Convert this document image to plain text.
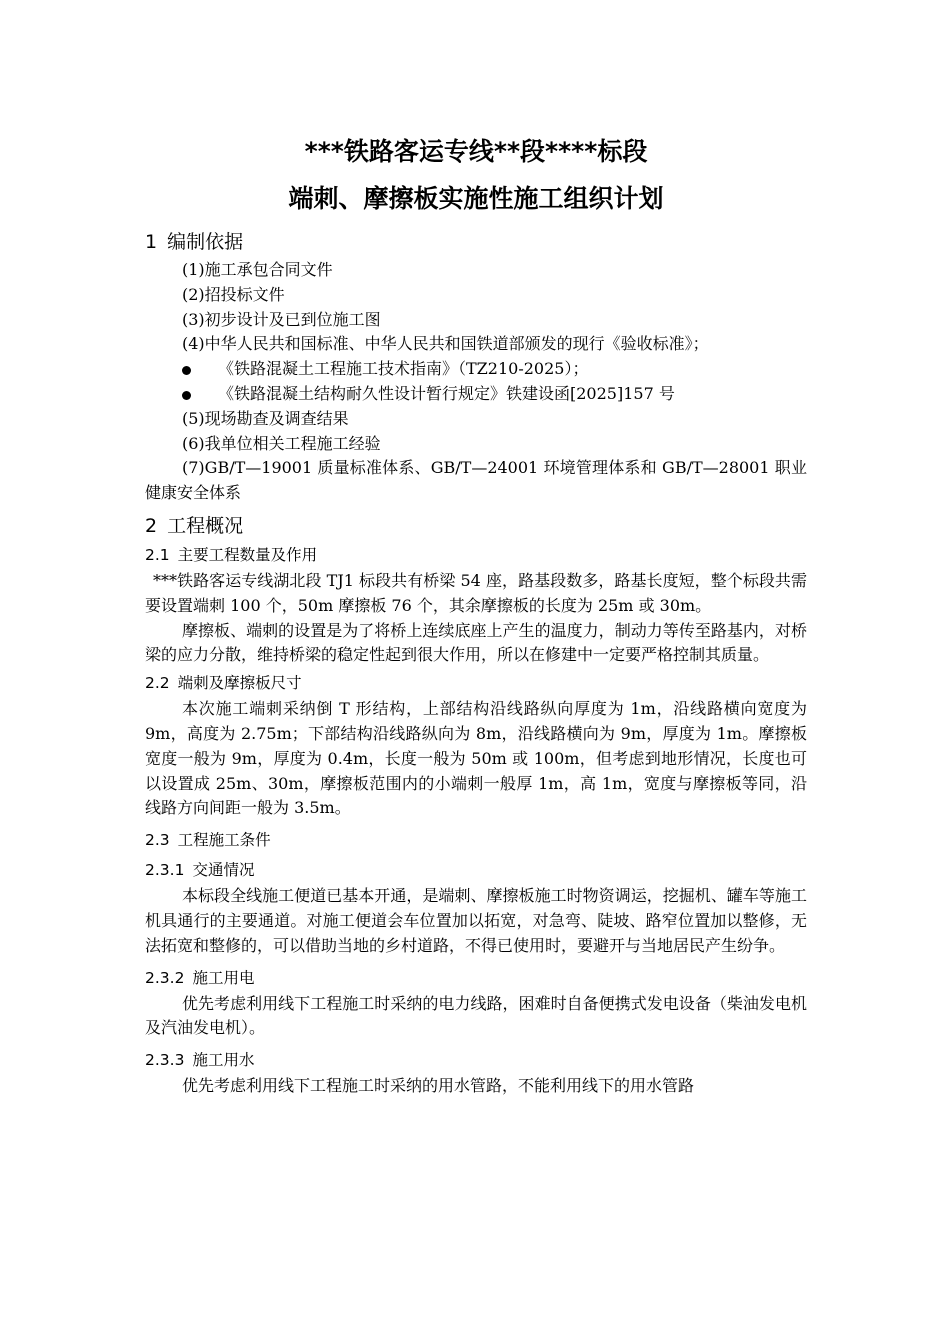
***铁路客运专线**段****标段
端刺、摩擦板实施性施工组织计划
1 编制依据

(1)施工承包合同文件

(2)招投标文件

(3)初步设计及已到位施工图

(4)中华人民共和国标准、中华人民共和国铁道部颁发的现行《验收标准》；

《铁路混凝土工程施工技术指南》（TZ210-2025）；

《铁路混凝土结构耐久性设计暂行规定》铁建设函[2025]157 号

(5)现场勘查及调查结果

(6)我单位相关工程施工经验

(7)GB/T—19001 质量标准体系、GB/T—24001 环境管理体系和 GB/T—28001 职业健康安全体系

2 工程概况
2.1 主要工程数量及作用

***铁路客运专线湖北段 TJ1 标段共有桥梁 54 座，路基段数多，路基长度短，整个标段共需要设置端刺 100 个，50m 摩擦板 76 个，其余摩擦板的长度为 25m 或 30m。

摩擦板、端刺的设置是为了将桥上连续底座上产生的温度力，制动力等传至路基内，对桥梁的应力分散，维持桥梁的稳定性起到很大作用，所以在修建中一定要严格控制其质量。

2.2 端刺及摩擦板尺寸

本次施工端刺采纳倒 T 形结构，上部结构沿线路纵向厚度为 1m，沿线路横向宽度为 9m，高度为 2.75m；下部结构沿线路纵向为 8m，沿线路横向为 9m，厚度为 1m。摩擦板宽度一般为 9m，厚度为 0.4m，长度一般为 50m 或 100m，但考虑到地形情况，长度也可以设置成 25m、30m，摩擦板范围内的小端刺一般厚 1m，高 1m，宽度与摩擦板等同，沿线路方向间距一般为 3.5m。

2.3 工程施工条件
2.3.1 交通情况

本标段全线施工便道已基本开通，是端刺、摩擦板施工时物资调运，挖掘机、罐车等施工机具通行的主要通道。对施工便道会车位置加以拓宽，对急弯、陡坡、路窄位置加以整修，无法拓宽和整修的，可以借助当地的乡村道路，不得已使用时，要避开与当地居民产生纷争。

2.3.2 施工用电

优先考虑利用线下工程施工时采纳的电力线路，困难时自备便携式发电设备（柴油发电机及汽油发电机）。

2.3.3 施工用水

优先考虑利用线下工程施工时采纳的用水管路，不能利用线下的用水管路
